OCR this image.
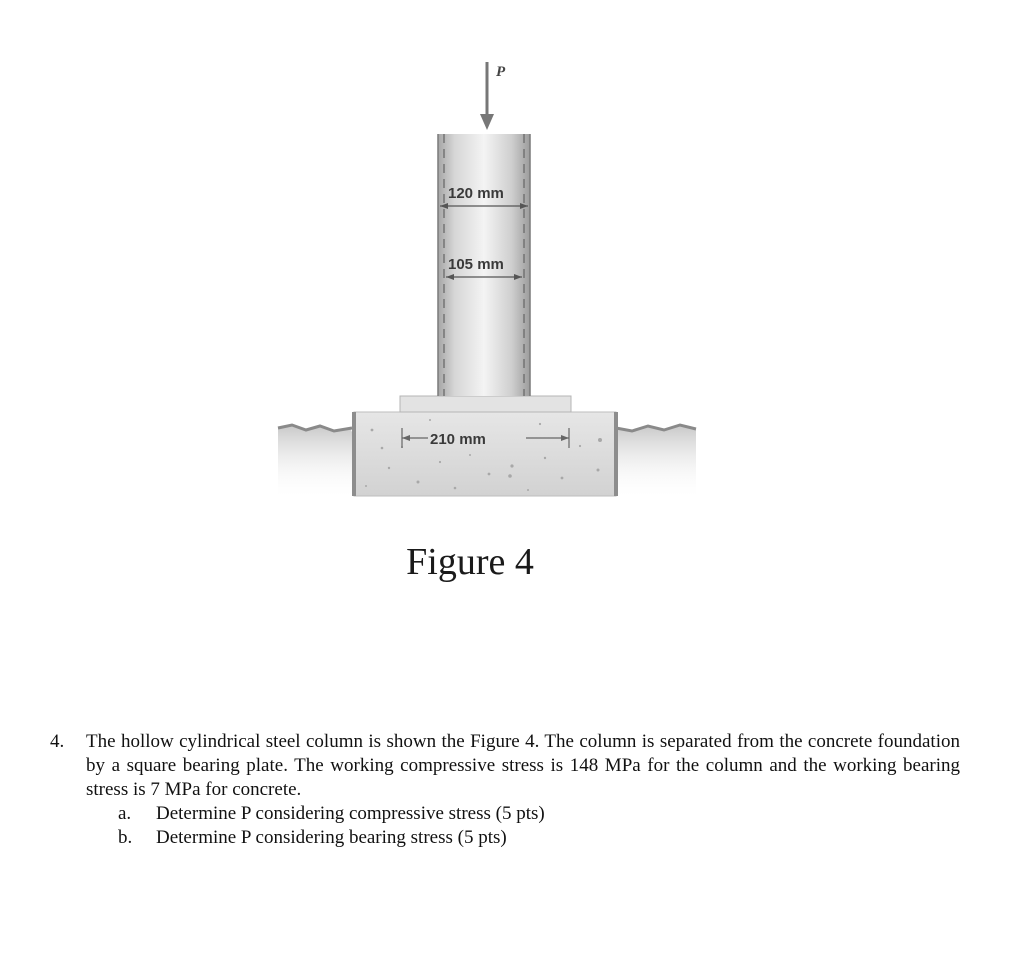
P
120 mm
105 mm
210 mm
Figure 4
4.	The hollow cylindrical steel column is shown the Figure 4. The column is separated from the concrete foundation by a square bearing plate. The working compressive stress is 148 MPa for the column and the working bearing stress is 7 MPa for concrete.
a.	Determine P considering compressive stress (5 pts)
b.	Determine P considering bearing stress (5 pts)
